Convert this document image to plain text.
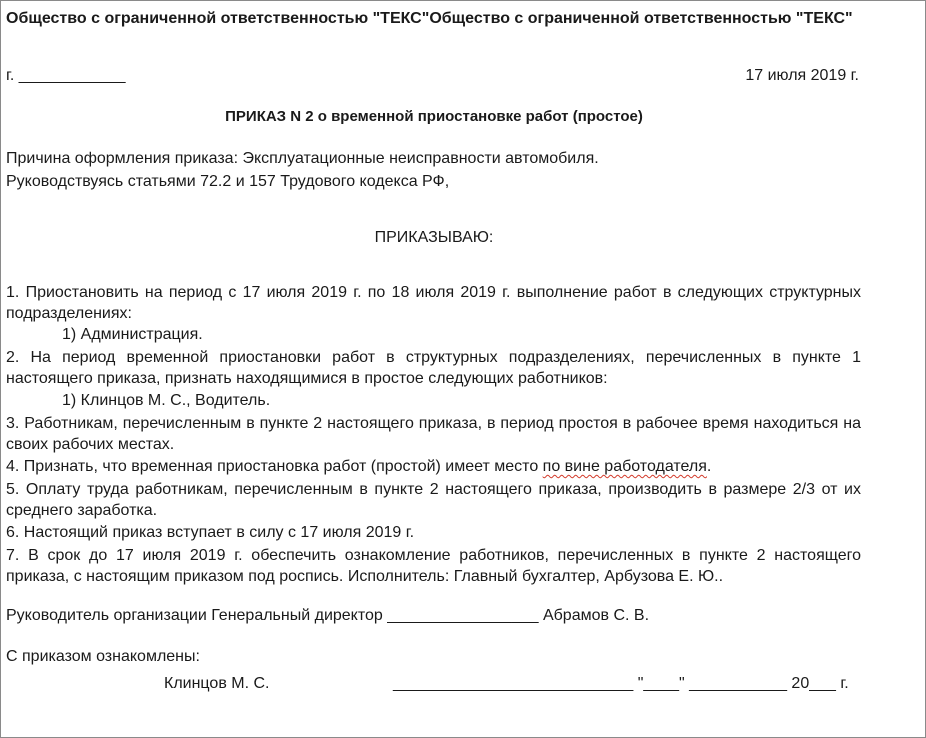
Общество с ограниченной ответственностью "ТЕКС"Общество с ограниченной ответственностью "ТЕКС"
г. ____________	17 июля 2019 г.
ПРИКАЗ N 2 о временной приостановке работ (простое)
Причина оформления приказа: Эксплуатационные неисправности автомобиля.
Руководствуясь статьями 72.2 и 157 Трудового кодекса РФ,
ПРИКАЗЫВАЮ:
1. Приостановить на период с 17 июля 2019 г. по 18 июля 2019 г. выполнение работ в следующих структурных подразделениях:
1) Администрация.
2. На период временной приостановки работ в структурных подразделениях, перечисленных в пункте 1 настоящего приказа, признать находящимися в простое следующих работников:
1) Клинцов М. С., Водитель.
3. Работникам, перечисленным в пункте 2 настоящего приказа, в период простоя в рабочее время находиться на своих рабочих местах.
4. Признать, что временная приостановка работ (простой) имеет место по вине работодателя.
5. Оплату труда работникам, перечисленным в пункте 2 настоящего приказа, производить в размере 2/3 от их среднего заработка.
6. Настоящий приказ вступает в силу с 17 июля 2019 г.
7. В срок до 17 июля 2019 г. обеспечить ознакомление работников, перечисленных в пункте 2 настоящего приказа, с настоящим приказом под роспись. Исполнитель: Главный бухгалтер, Арбузова Е. Ю..
Руководитель организации Генеральный директор _________________ Абрамов С. В.
С приказом ознакомлены:
Клинцов М. С.	___________________________ "____" ___________ 20___ г.
